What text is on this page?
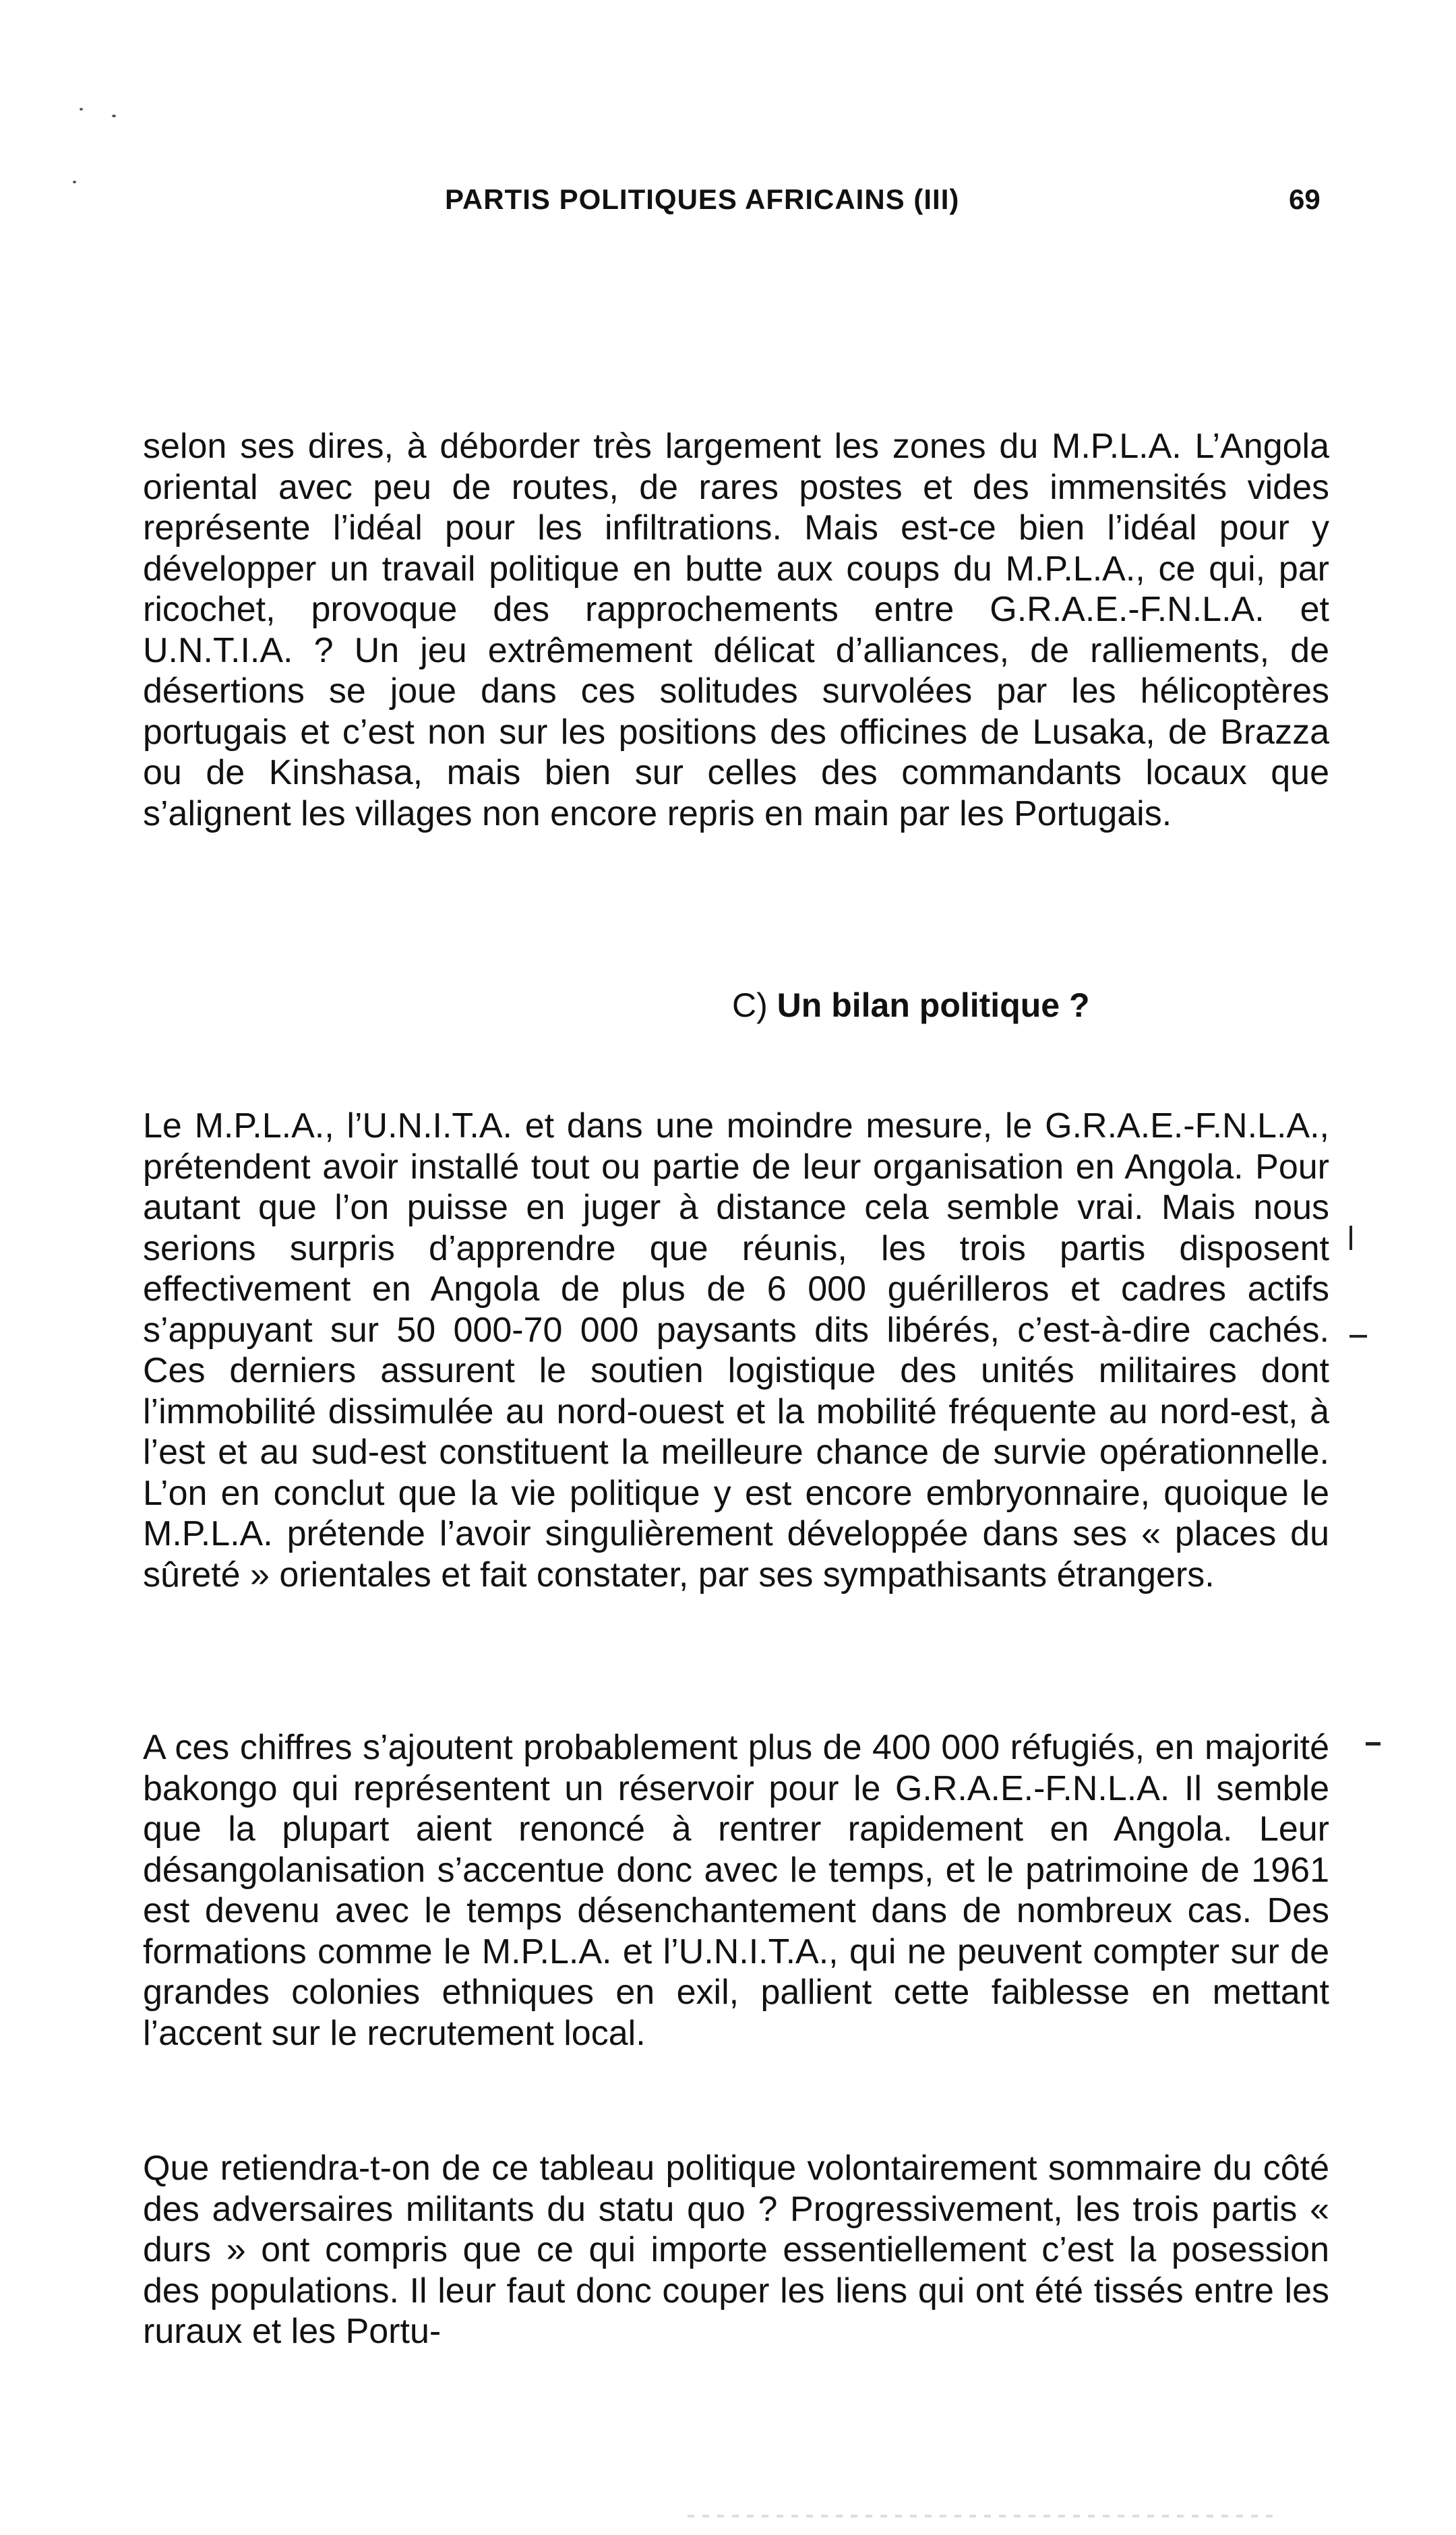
PARTIS POLITIQUES AFRICAINS (III)	69

selon ses dires, à déborder très largement les zones du M.P.L.A. L’Angola oriental avec peu de routes, de rares postes et des immensités vides représente l’idéal pour les infiltrations. Mais est-ce bien l’idéal pour y développer un travail politique en butte aux coups du M.P.L.A., ce qui, par ricochet, provoque des rapprochements entre G.R.A.E.-F.N.L.A. et U.N.T.I.A. ? Un jeu extrêmement délicat d’alliances, de ralliements, de désertions se joue dans ces solitudes survolées par les hélicoptères portugais et c’est non sur les positions des officines de Lusaka, de Brazza ou de Kinshasa, mais bien sur celles des commandants locaux que s’alignent les villages non encore repris en main par les Portugais.

C) Un bilan politique ?

Le M.P.L.A., l’U.N.I.T.A. et dans une moindre mesure, le G.R.A.E.-F.N.L.A., prétendent avoir installé tout ou partie de leur organisation en Angola. Pour autant que l’on puisse en juger à distance cela semble vrai. Mais nous serions surpris d’apprendre que réunis, les trois partis disposent effectivement en Angola de plus de 6 000 guérilleros et cadres actifs s’appuyant sur 50 000-70 000 paysants dits libérés, c’est-à-dire cachés. Ces derniers assurent le soutien logistique des unités militaires dont l’immobilité dissimulée au nord-ouest et la mobilité fréquente au nord-est, à l’est et au sud-est constituent la meilleure chance de survie opérationnelle. L’on en conclut que la vie politique y est encore embryonnaire, quoique le M.P.L.A. prétende l’avoir singulièrement développée dans ses « places du sûreté » orientales et fait constater, par ses sympathisants étrangers.

A ces chiffres s’ajoutent probablement plus de 400 000 réfugiés, en majorité bakongo qui représentent un réservoir pour le G.R.A.E.-F.N.L.A. Il semble que la plupart aient renoncé à rentrer rapidement en Angola. Leur désangolanisation s’accentue donc avec le temps, et le patrimoine de 1961 est devenu avec le temps désenchantement dans de nombreux cas. Des formations comme le M.P.L.A. et l’U.N.I.T.A., qui ne peuvent compter sur de grandes colonies ethniques en exil, pallient cette faiblesse en mettant l’accent sur le recrutement local.

Que retiendra-t-on de ce tableau politique volontairement sommaire du côté des adversaires militants du statu quo ? Progressivement, les trois partis « durs » ont compris que ce qui importe essentiellement c’est la posession des populations. Il leur faut donc couper les liens qui ont été tissés entre les ruraux et les Portu-
